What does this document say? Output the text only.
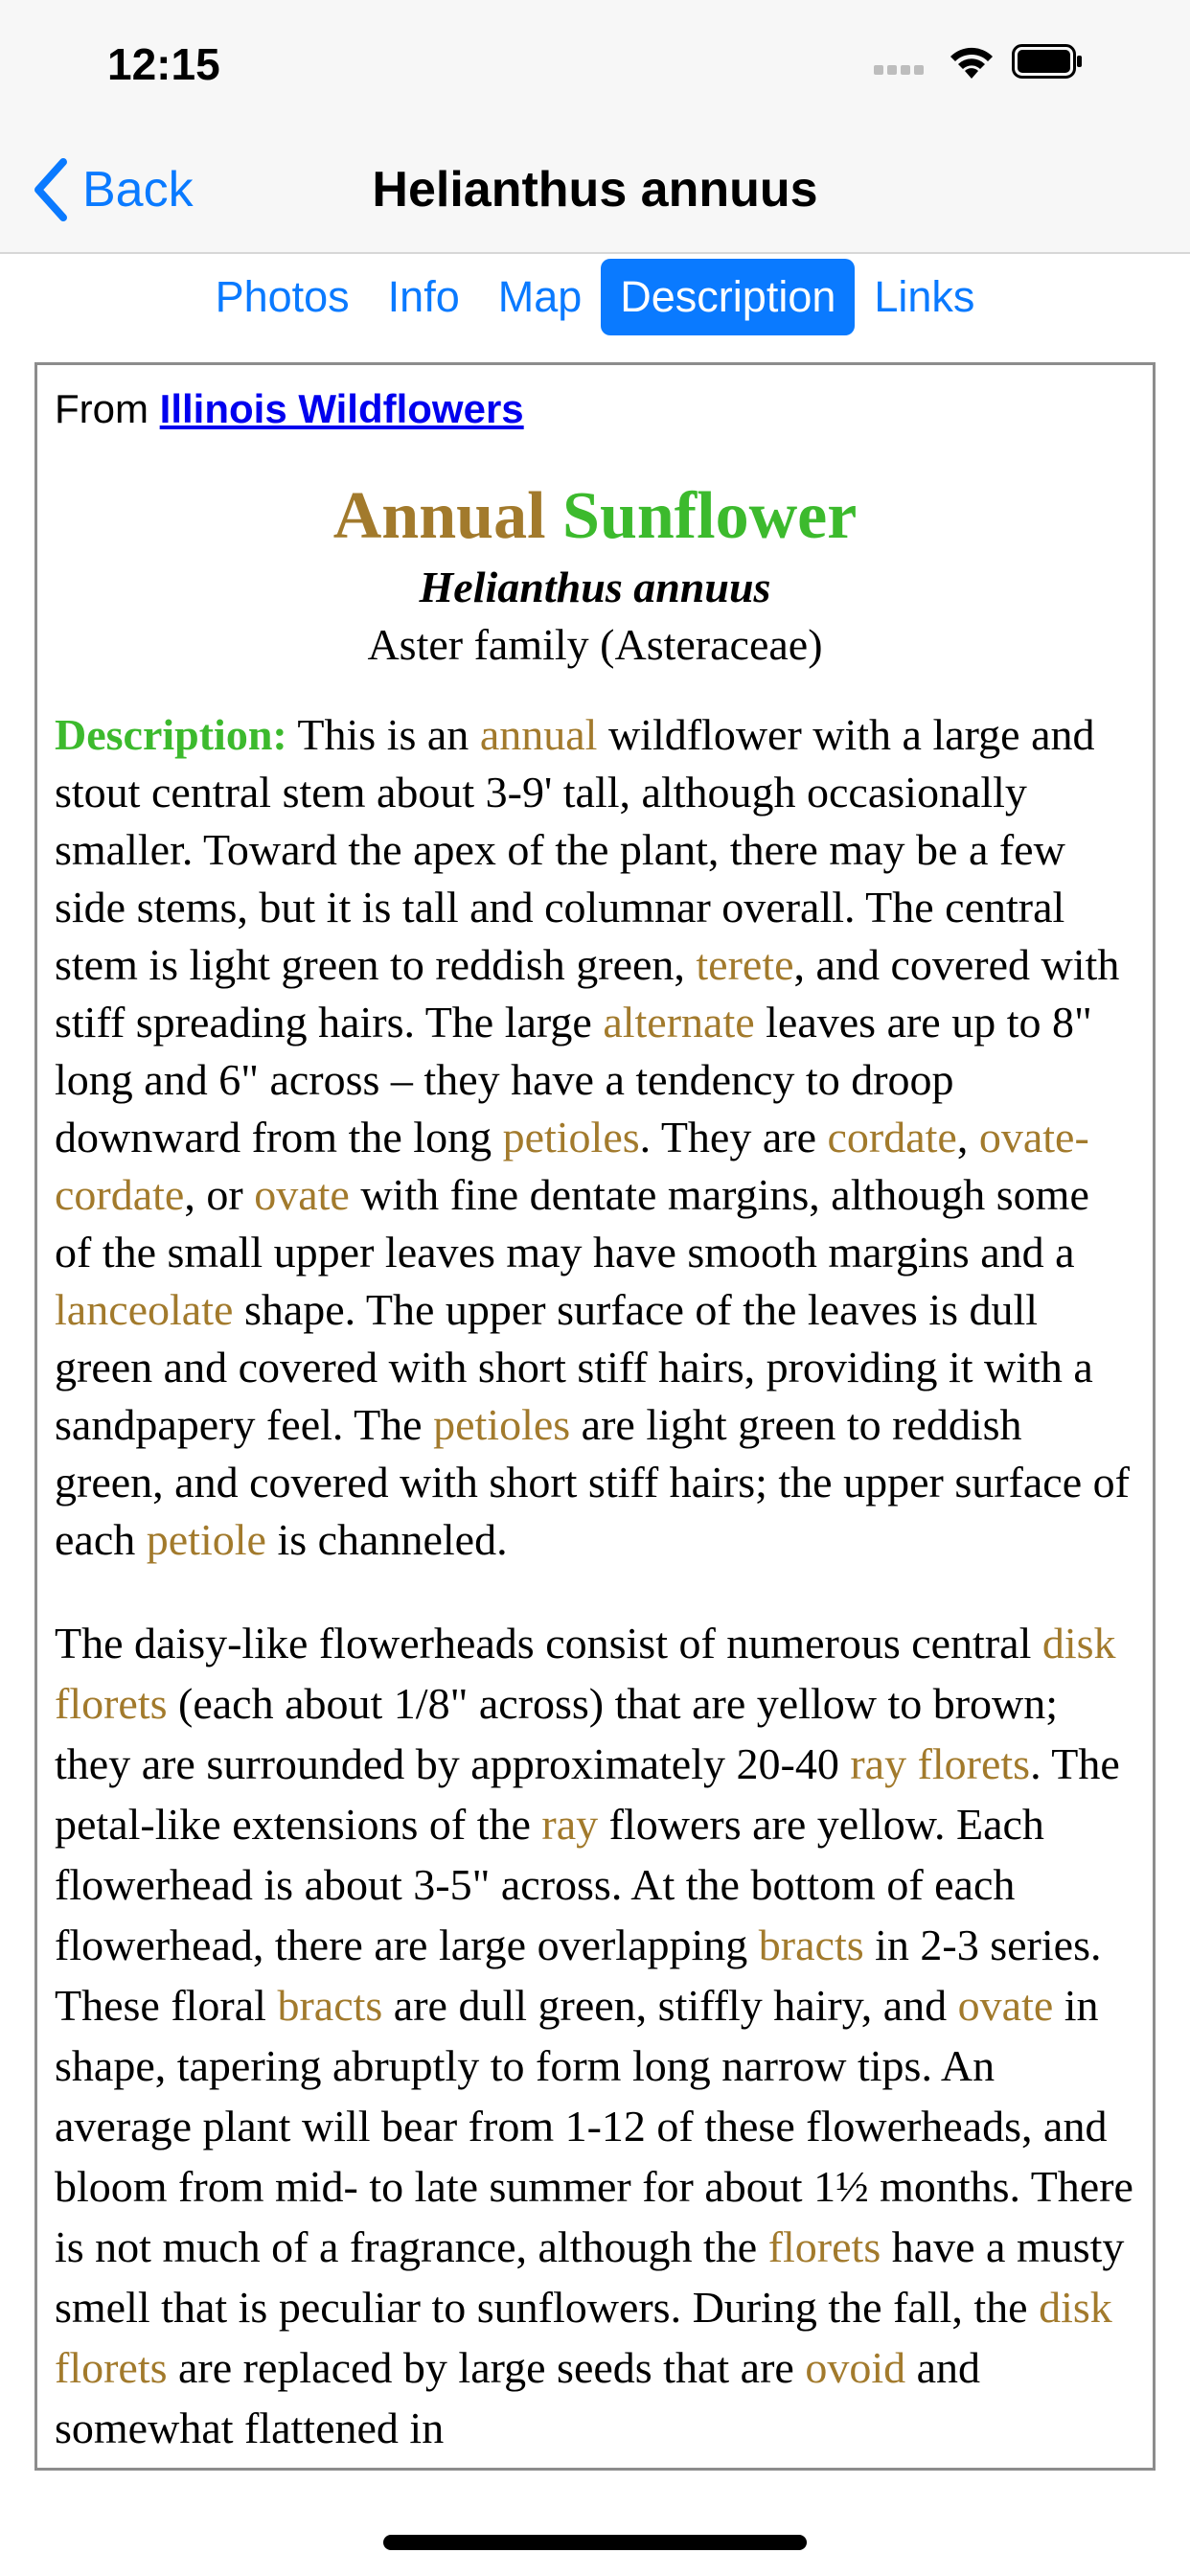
12:15
Back	Helianthus annuus
Photos Info Map Description Links
From Illinois Wildflowers
Annual Sunflower
Helianthus annuus
Aster family (Asteraceae)
Description: This is an annual wildflower with a large and stout central stem about 3-9' tall, although occasionally smaller. Toward the apex of the plant, there may be a few side stems, but it is tall and columnar overall. The central stem is light green to reddish green, terete, and covered with stiff spreading hairs. The large alternate leaves are up to 8" long and 6" across – they have a tendency to droop downward from the long petioles. They are cordate, ovate-cordate, or ovate with fine dentate margins, although some of the small upper leaves may have smooth margins and a lanceolate shape. The upper surface of the leaves is dull green and covered with short stiff hairs, providing it with a sandpapery feel. The petioles are light green to reddish green, and covered with short stiff hairs; the upper surface of each petiole is channeled.
The daisy-like flowerheads consist of numerous central disk florets (each about 1/8" across) that are yellow to brown; they are surrounded by approximately 20-40 ray florets. The petal-like extensions of the ray flowers are yellow. Each flowerhead is about 3-5" across. At the bottom of each flowerhead, there are large overlapping bracts in 2-3 series. These floral bracts are dull green, stiffly hairy, and ovate in shape, tapering abruptly to form long narrow tips. An average plant will bear from 1-12 of these flowerheads, and bloom from mid- to late summer for about 1½ months. There is not much of a fragrance, although the florets have a musty smell that is peculiar to sunflowers. During the fall, the disk florets are replaced by large seeds that are ovoid and somewhat flattened in
